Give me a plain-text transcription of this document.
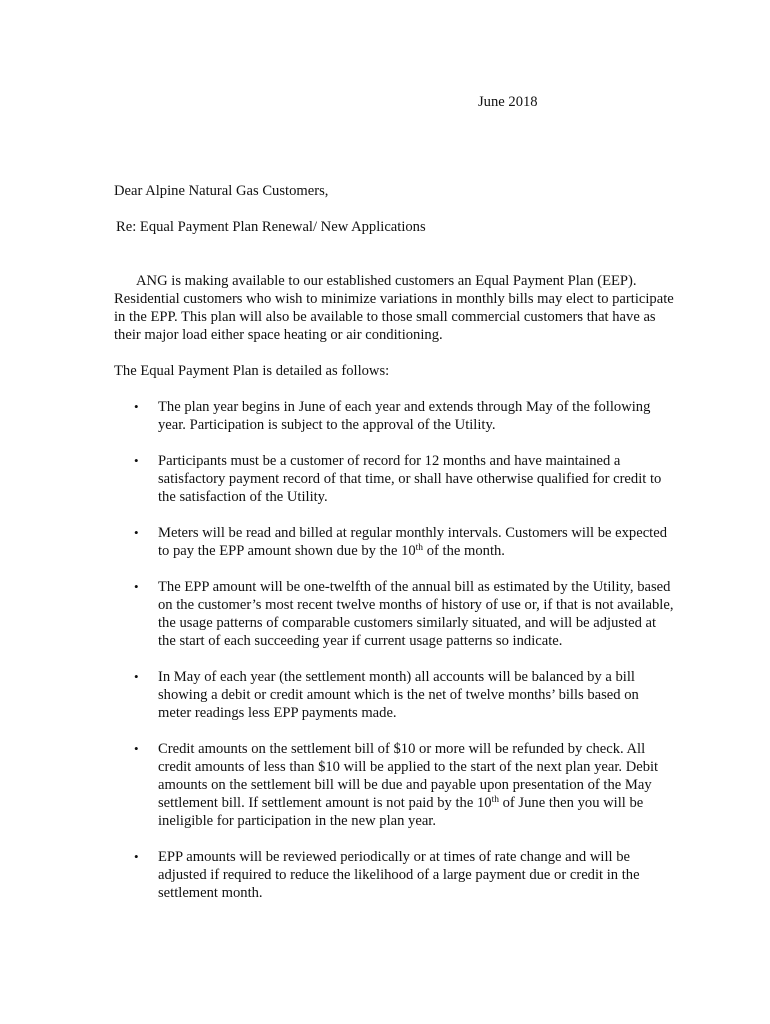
June 2018
Dear Alpine Natural Gas Customers,
Re: Equal Payment Plan Renewal/ New Applications

ANG is making available to our established customers an Equal Payment Plan (EEP). Residential customers who wish to minimize variations in monthly bills may elect to participate in the EPP. This plan will also be available to those small commercial customers that have as their major load either space heating or air conditioning.

The Equal Payment Plan is detailed as follows:
• The plan year begins in June of each year and extends through May of the following year. Participation is subject to the approval of the Utility.
• Participants must be a customer of record for 12 months and have maintained a satisfactory payment record of that time, or shall have otherwise qualified for credit to the satisfaction of the Utility.
• Meters will be read and billed at regular monthly intervals. Customers will be expected to pay the EPP amount shown due by the 10th of the month.
• The EPP amount will be one-twelfth of the annual bill as estimated by the Utility, based on the customer’s most recent twelve months of history of use or, if that is not available, the usage patterns of comparable customers similarly situated, and will be adjusted at the start of each succeeding year if current usage patterns so indicate.
• In May of each year (the settlement month) all accounts will be balanced by a bill showing a debit or credit amount which is the net of twelve months’ bills based on meter readings less EPP payments made.
• Credit amounts on the settlement bill of $10 or more will be refunded by check. All credit amounts of less than $10 will be applied to the start of the next plan year. Debit amounts on the settlement bill will be due and payable upon presentation of the May settlement bill. If settlement amount is not paid by the 10th of June then you will be ineligible for participation in the new plan year.
• EPP amounts will be reviewed periodically or at times of rate change and will be adjusted if required to reduce the likelihood of a large payment due or credit in the settlement month.
